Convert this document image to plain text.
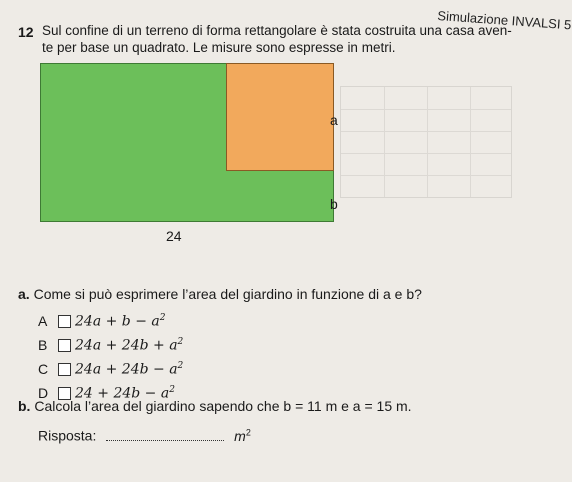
Simulazione INVALSI 5
12 Sul confine di un terreno di forma rettangolare è stata costruita una casa aven-
te per base un quadrato. Le misure sono espresse in metri.
a
b
24
a. Come si può esprimere l’area del giardino in funzione di a e b?
A	$24a + b - a^2$
B	$24a + 24b + a^2$
C	$24a + 24b - a^2$
D	$24 + 24b - a^2$
b. Calcola l’area del giardino sapendo che b = 11 m e a = 15 m.
Risposta:	$m^2$
